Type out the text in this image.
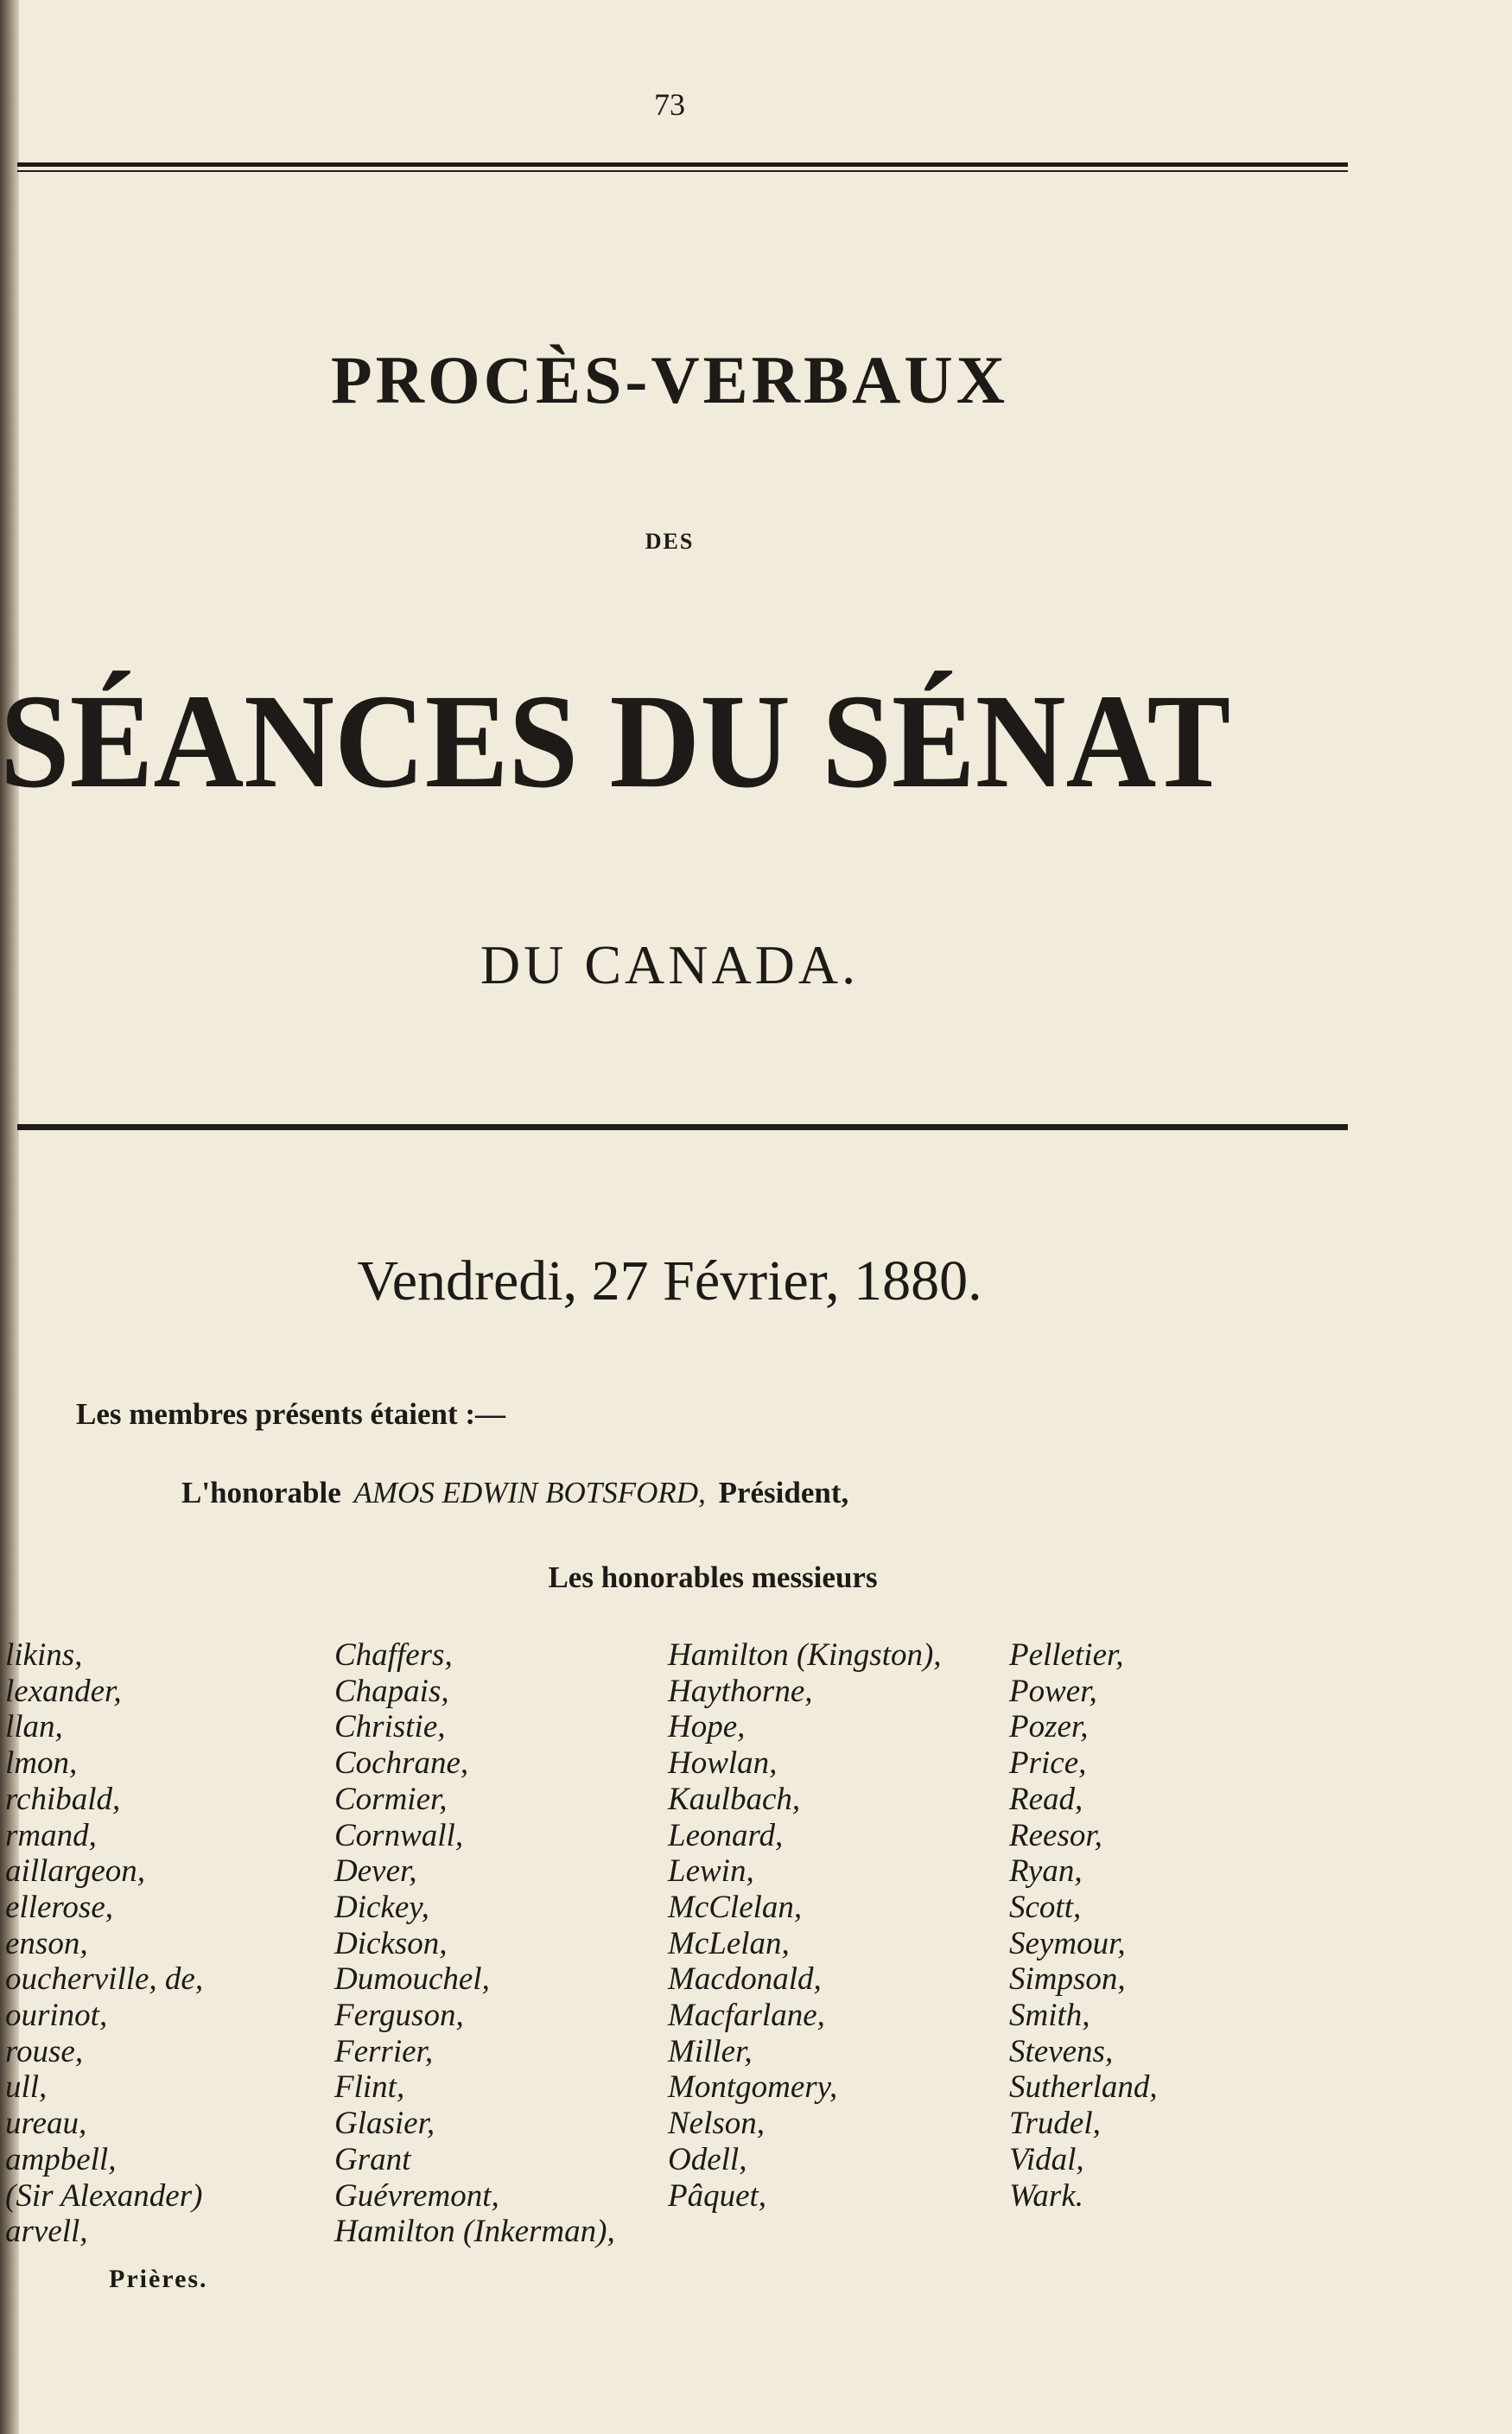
73
PROCÈS-VERBAUX
DES
SÉANCES DU SÉNAT
DU CANADA.
Vendredi, 27 Février, 1880.
Les membres présents étaient :—
L'honorable AMOS EDWIN BOTSFORD, Président,
Les honorables messieurs
likins,
lexander,
llan,
lmon,
rchibald,
rmand,
aillargeon,
ellerose,
enson,
oucherville, de,
ourinot,
rouse,
ull,
ureau,
ampbell,
(Sir Alexander)
arvell,
Chaffers,
Chapais,
Christie,
Cochrane,
Cormier,
Cornwall,
Dever,
Dickey,
Dickson,
Dumouchel,
Ferguson,
Ferrier,
Flint,
Glasier,
Grant
Guévremont,
Hamilton (Inkerman),
Hamilton (Kingston),
Haythorne,
Hope,
Howlan,
Kaulbach,
Leonard,
Lewin,
McClelan,
McLelan,
Macdonald,
Macfarlane,
Miller,
Montgomery,
Nelson,
Odell,
Pâquet,
Pelletier,
Power,
Pozer,
Price,
Read,
Reesor,
Ryan,
Scott,
Seymour,
Simpson,
Smith,
Stevens,
Sutherland,
Trudel,
Vidal,
Wark.
Prières.
